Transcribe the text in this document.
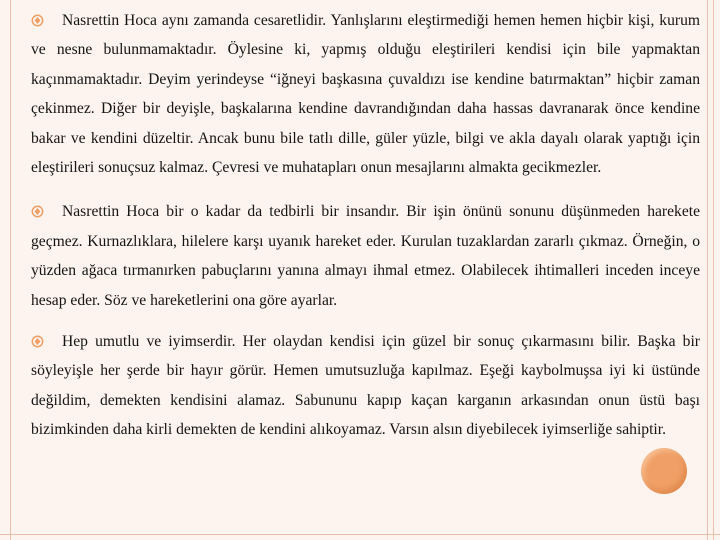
Nasrettin Hoca aynı zamanda cesaretlidir. Yanlışlarını eleştirmediği hemen hemen hiçbir kişi, kurum ve nesne bulunmamaktadır. Öylesine ki, yapmış olduğu eleştirileri kendisi için bile yapmaktan kaçınmamaktadır. Deyim yerindeyse “iğneyi başkasına çuvaldızı ise kendine batırmaktan” hiçbir zaman çekinmez. Diğer bir deyişle, başkalarına kendine davrandığından daha hassas davranarak önce kendine bakar ve kendini düzeltir. Ancak bunu bile tatlı dille, güler yüzle, bilgi ve akla dayalı olarak yaptığı için eleştirileri sonuçsuz kalmaz. Çevresi ve muhatapları onun mesajlarını almakta gecikmezler.
Nasrettin Hoca bir o kadar da tedbirli bir insandır. Bir işin önünü sonunu düşünmeden harekete geçmez. Kurnazlıklara, hilelere karşı uyanık hareket eder. Kurulan tuzaklardan zararlı çıkmaz. Örneğin, o yüzden ağaca tırmanırken pabuçlarını yanına almayı ihmal etmez. Olabilecek ihtimalleri inceden inceye hesap eder. Söz ve hareketlerini ona göre ayarlar.
Hep umutlu ve iyimserdir. Her olaydan kendisi için güzel bir sonuç çıkarmasını bilir. Başka bir söyleyişle her şerde bir hayır görür. Hemen umutsuzluğa kapılmaz. Eşeği kaybolmuşsa iyi ki üstünde değildim, demekten kendisini alamaz. Sabununu kapıp kaçan karganın arkasından onun üstü başı bizimkinden daha kirli demekten de kendini alıkoyamaz. Varsın alsın diyebilecek iyimserliğe sahiptir.
